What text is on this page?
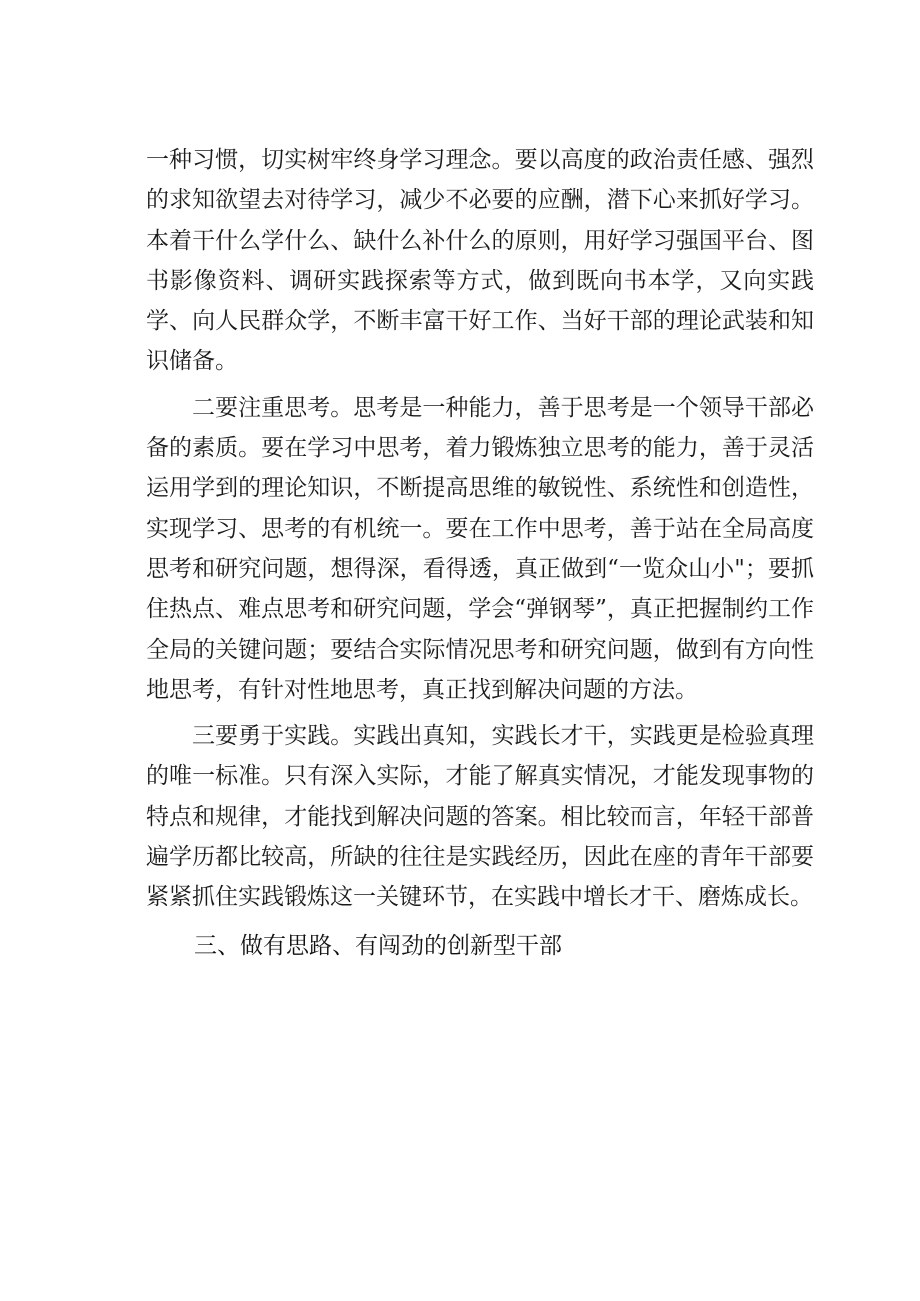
一种习惯，切实树牢终身学习理念。要以高度的政治责任感、强烈的求知欲望去对待学习，减少不必要的应酬，潜下心来抓好学习。本着干什么学什么、缺什么补什么的原则，用好学习强国平台、图书影像资料、调研实践探索等方式，做到既向书本学，又向实践学、向人民群众学，不断丰富干好工作、当好干部的理论武装和知识储备。

二要注重思考。思考是一种能力，善于思考是一个领导干部必备的素质。要在学习中思考，着力锻炼独立思考的能力，善于灵活运用学到的理论知识，不断提高思维的敏锐性、系统性和创造性，实现学习、思考的有机统一。要在工作中思考，善于站在全局高度思考和研究问题，想得深，看得透，真正做到“一览众山小"；要抓住热点、难点思考和研究问题，学会“弹钢琴”，真正把握制约工作全局的关键问题；要结合实际情况思考和研究问题，做到有方向性地思考，有针对性地思考，真正找到解决问题的方法。

三要勇于实践。实践出真知，实践长才干，实践更是检验真理的唯一标准。只有深入实际，才能了解真实情况，才能发现事物的特点和规律，才能找到解决问题的答案。相比较而言，年轻干部普遍学历都比较高，所缺的往往是实践经历，因此在座的青年干部要紧紧抓住实践锻炼这一关键环节，在实践中增长才干、磨炼成长。

三、做有思路、有闯劲的创新型干部
